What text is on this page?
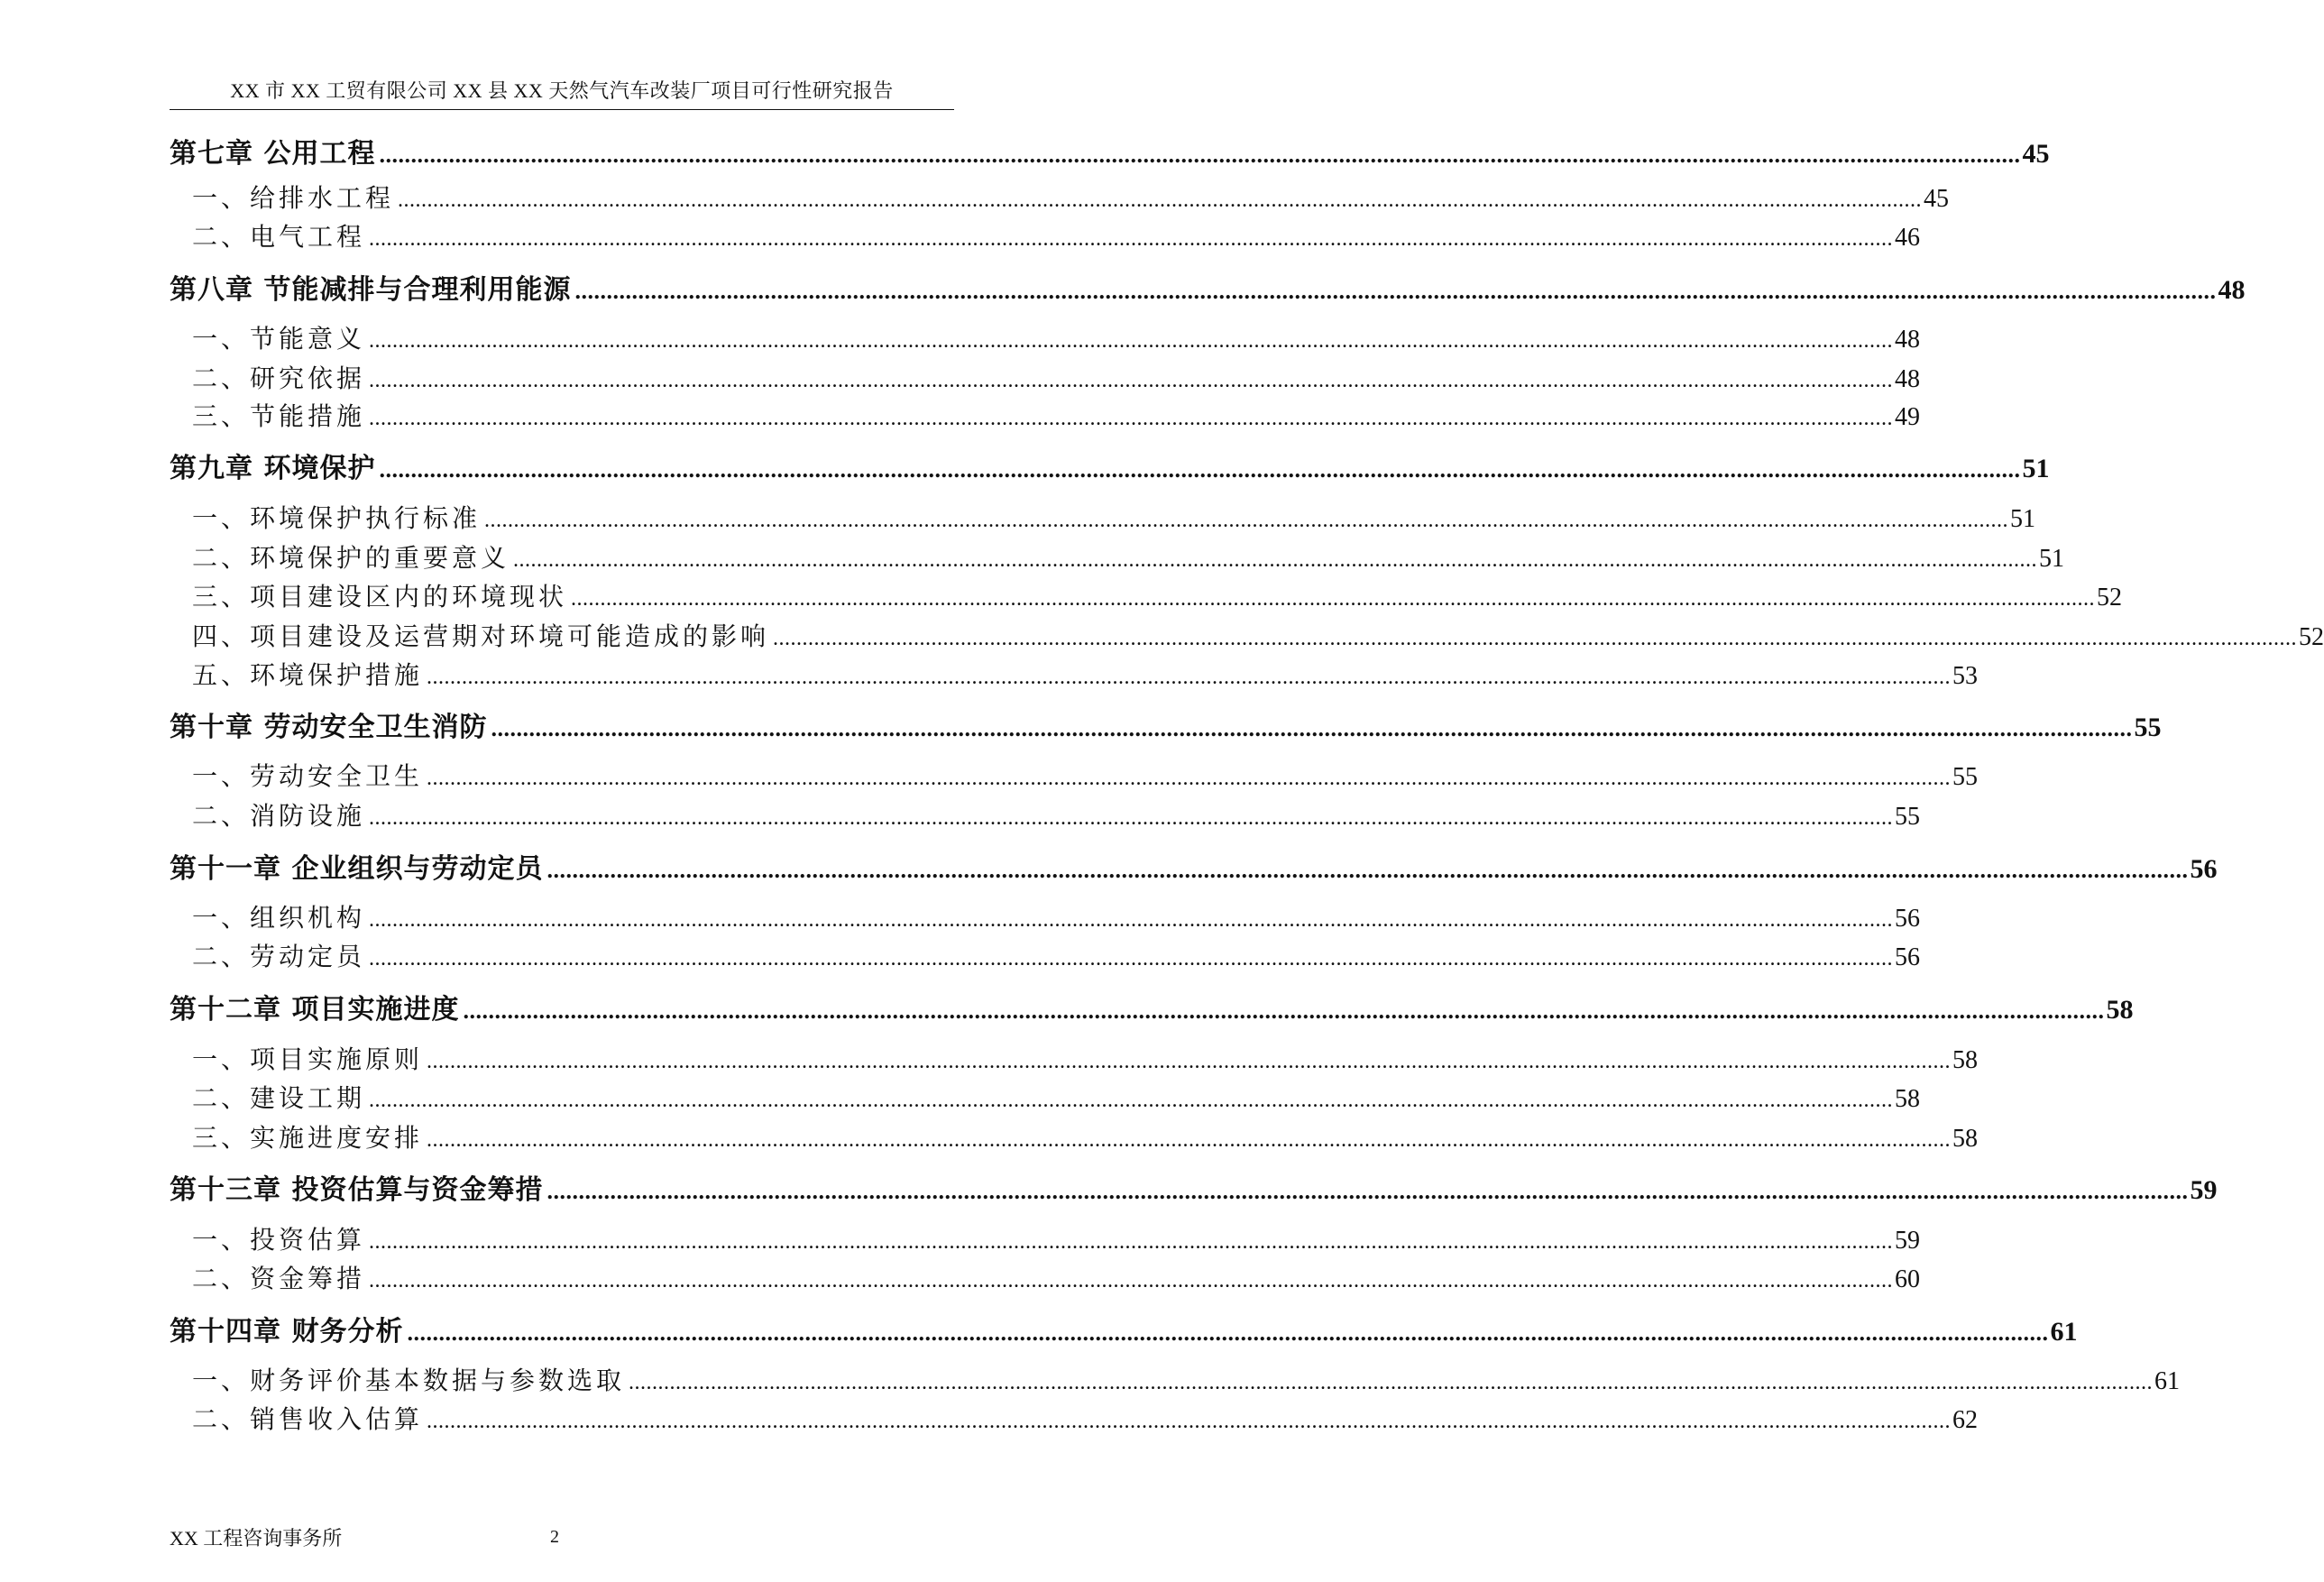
XX 市 XX 工贸有限公司 XX 县 XX 天然气汽车改装厂项目可行性研究报告
第七章 公用工程 .................................................................................................................................................................................................................................................................... 45
一、给排水工程 .................................................................................................................................................................................................................................................................... 45
二、电气工程 .................................................................................................................................................................................................................................................................... 46
第八章 节能减排与合理利用能源 .................................................................................................................................................................................................................................................................... 48
一、节能意义 .................................................................................................................................................................................................................................................................... 48
二、研究依据 .................................................................................................................................................................................................................................................................... 48
三、节能措施 .................................................................................................................................................................................................................................................................... 49
第九章 环境保护 .................................................................................................................................................................................................................................................................... 51
一、环境保护执行标准 .................................................................................................................................................................................................................................................................... 51
二、环境保护的重要意义 .................................................................................................................................................................................................................................................................... 51
三、项目建设区内的环境现状 .................................................................................................................................................................................................................................................................... 52
四、项目建设及运营期对环境可能造成的影响 .................................................................................................................................................................................................................................................................... 52
五、环境保护措施 .................................................................................................................................................................................................................................................................... 53
第十章 劳动安全卫生消防 .................................................................................................................................................................................................................................................................... 55
一、劳动安全卫生 .................................................................................................................................................................................................................................................................... 55
二、消防设施 .................................................................................................................................................................................................................................................................... 55
第十一章 企业组织与劳动定员 .................................................................................................................................................................................................................................................................... 56
一、组织机构 .................................................................................................................................................................................................................................................................... 56
二、劳动定员 .................................................................................................................................................................................................................................................................... 56
第十二章 项目实施进度 .................................................................................................................................................................................................................................................................... 58
一、项目实施原则 .................................................................................................................................................................................................................................................................... 58
二、建设工期 .................................................................................................................................................................................................................................................................... 58
三、实施进度安排 .................................................................................................................................................................................................................................................................... 58
第十三章 投资估算与资金筹措 .................................................................................................................................................................................................................................................................... 59
一、投资估算 .................................................................................................................................................................................................................................................................... 59
二、资金筹措 .................................................................................................................................................................................................................................................................... 60
第十四章 财务分析 .................................................................................................................................................................................................................................................................... 61
一、财务评价基本数据与参数选取 .................................................................................................................................................................................................................................................................... 61
二、销售收入估算 .................................................................................................................................................................................................................................................................... 62
XX 工程咨询事务所	2
